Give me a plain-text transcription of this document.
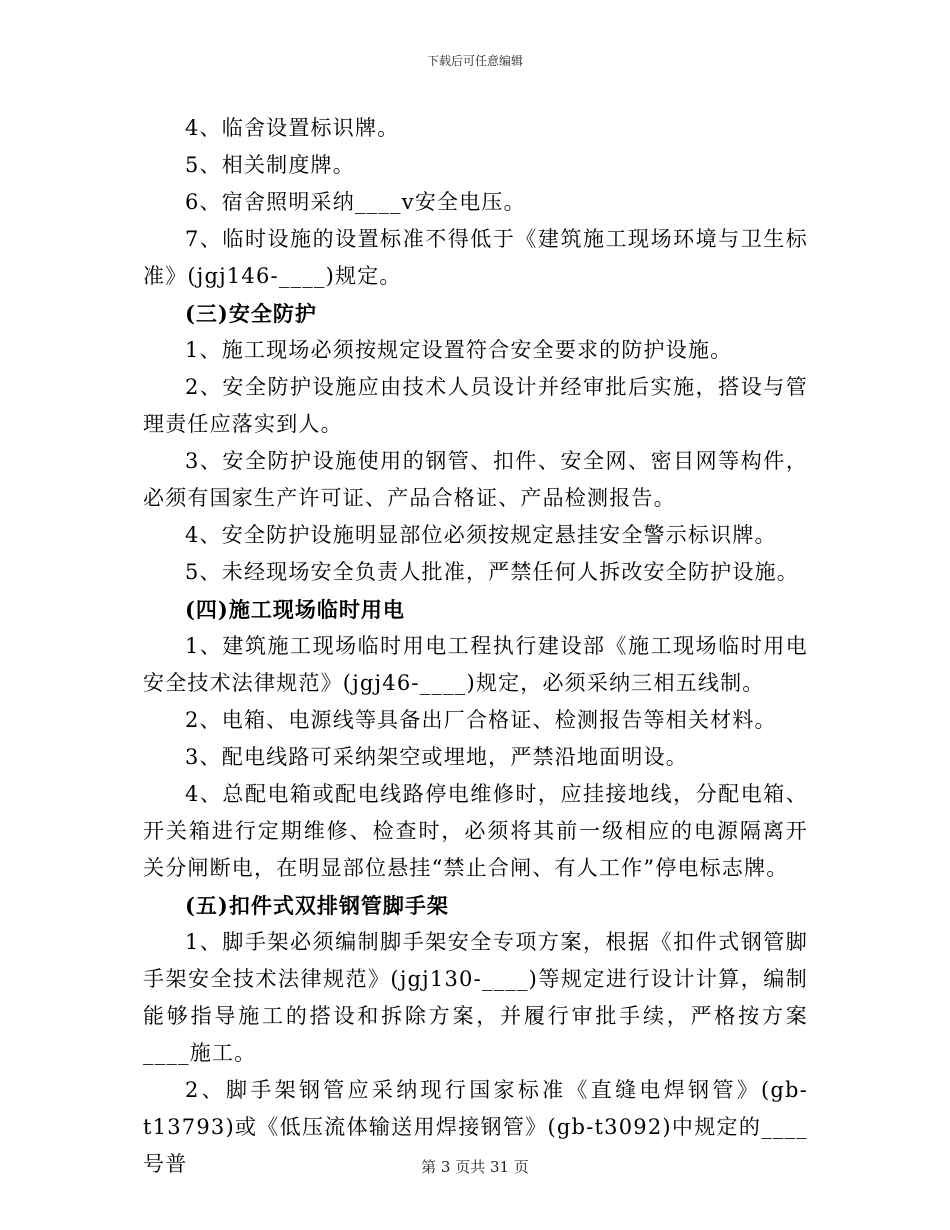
下载后可任意编辑

4、临舍设置标识牌。

5、相关制度牌。

6、宿舍照明采纳____v安全电压。

7、临时设施的设置标准不得低于《建筑施工现场环境与卫生标准》(jgj146-____)规定。

(三)安全防护

1、施工现场必须按规定设置符合安全要求的防护设施。

2、安全防护设施应由技术人员设计并经审批后实施，搭设与管理责任应落实到人。

3、安全防护设施使用的钢管、扣件、安全网、密目网等构件，必须有国家生产许可证、产品合格证、产品检测报告。

4、安全防护设施明显部位必须按规定悬挂安全警示标识牌。

5、未经现场安全负责人批准，严禁任何人拆改安全防护设施。

(四)施工现场临时用电

1、建筑施工现场临时用电工程执行建设部《施工现场临时用电安全技术法律规范》(jgj46-____)规定，必须采纳三相五线制。

2、电箱、电源线等具备出厂合格证、检测报告等相关材料。

3、配电线路可采纳架空或埋地，严禁沿地面明设。

4、总配电箱或配电线路停电维修时，应挂接地线，分配电箱、开关箱进行定期维修、检查时，必须将其前一级相应的电源隔离开关分闸断电，在明显部位悬挂“禁止合闸、有人工作”停电标志牌。

(五)扣件式双排钢管脚手架

1、脚手架必须编制脚手架安全专项方案，根据《扣件式钢管脚手架安全技术法律规范》(jgj130-____)等规定进行设计计算，编制能够指导施工的搭设和拆除方案，并履行审批手续，严格按方案____施工。

2、脚手架钢管应采纳现行国家标准《直缝电焊钢管》(gb-t13793)或《低压流体输送用焊接钢管》(gb-t3092)中规定的____号普	第 3 页共 31 页
